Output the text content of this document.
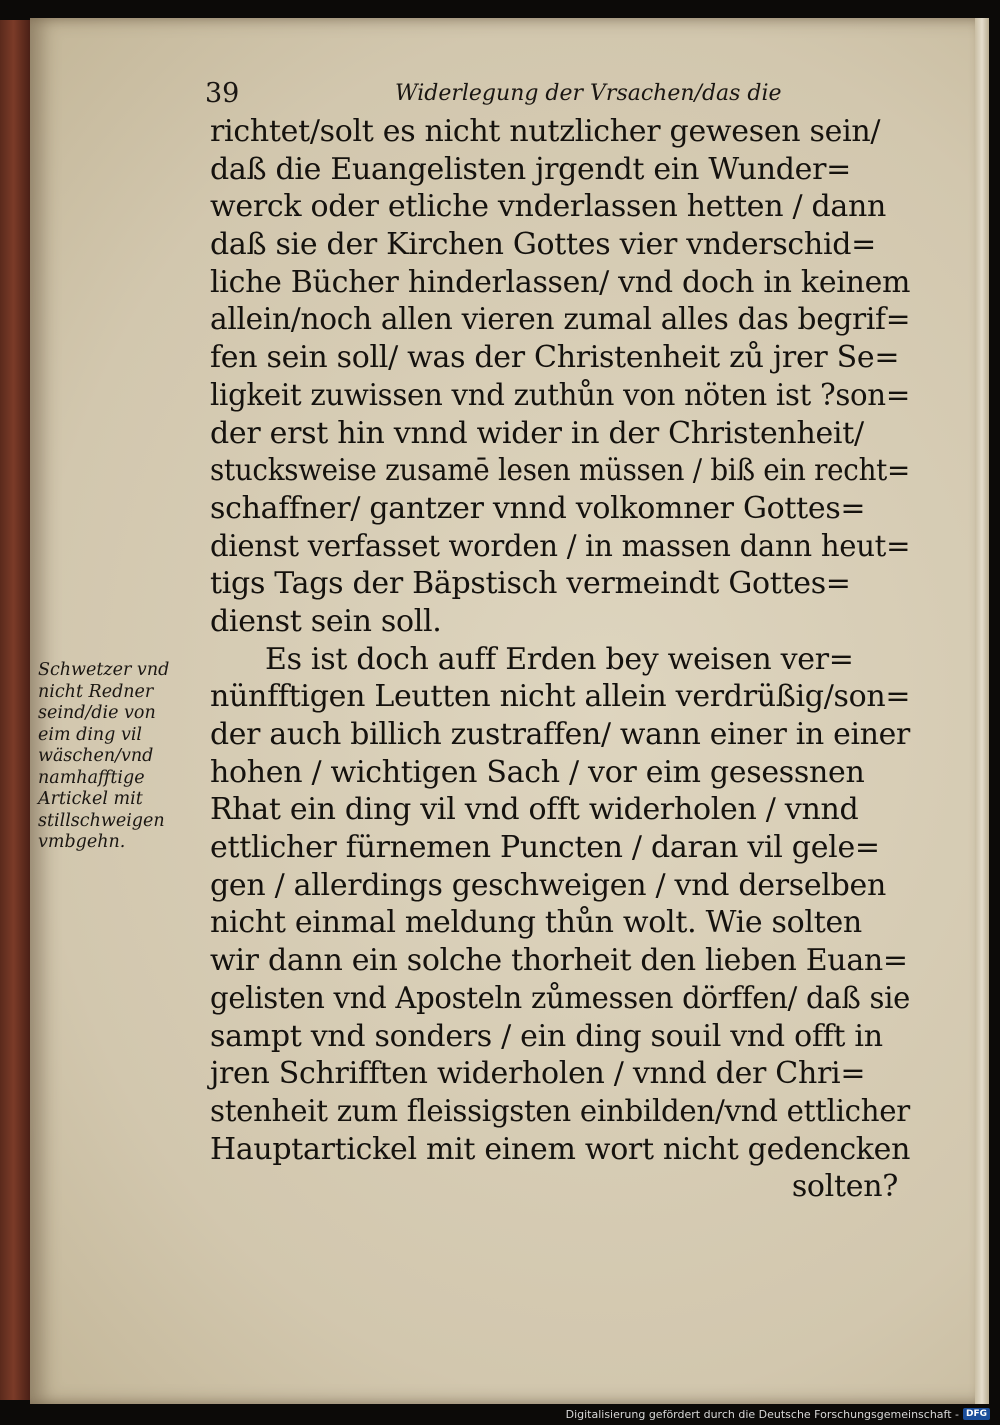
39	Widerlegung der Vrsachen/das die
Schwetzer vnd
nicht Redner
seind/die von
eim ding vil
wäschen/vnd
namhafftige
Artickel mit
stillschweigen
vmbgehn.
richtet/solt es nicht nutzlicher gewesen sein/
daß die Euangelisten jrgendt ein Wunder=
werck oder etliche vnderlassen hetten / dann
daß sie der Kirchen Gottes vier vnderschid=
liche Bücher hinderlassen/ vnd doch in keinem
allein/noch allen vieren zumal alles das begrif=
fen sein soll/ was der Christenheit zů jrer Se=
ligkeit zuwissen vnd zuthůn von nöten ist ?son=
der erst hin vnnd wider in der Christenheit/
stucksweise zusamē lesen müssen / biß ein recht=
schaffner/ gantzer vnnd volkomner Gottes=
dienst verfasset worden / in massen dann heut=
tigs Tags der Bäpstisch vermeindt Gottes=
dienst sein soll.
Es ist doch auff Erden bey weisen ver=
nünfftigen Leutten nicht allein verdrüßig/son=
der auch billich zustraffen/ wann einer in einer
hohen / wichtigen Sach / vor eim gesessnen
Rhat ein ding vil vnd offt widerholen / vnnd
ettlicher fürnemen Puncten / daran vil gele=
gen / allerdings geschweigen / vnd derselben
nicht einmal meldung thůn wolt. Wie solten
wir dann ein solche thorheit den lieben Euan=
gelisten vnd Aposteln zůmessen dörffen/ daß sie
sampt vnd sonders / ein ding souil vnd offt in
jren Schrifften widerholen / vnnd der Chri=
stenheit zum fleissigsten einbilden/vnd ettlicher
Hauptartickel mit einem wort nicht gedencken
solten?
Digitalisierung gefördert durch die Deutsche Forschungsgemeinschaft - DFG
